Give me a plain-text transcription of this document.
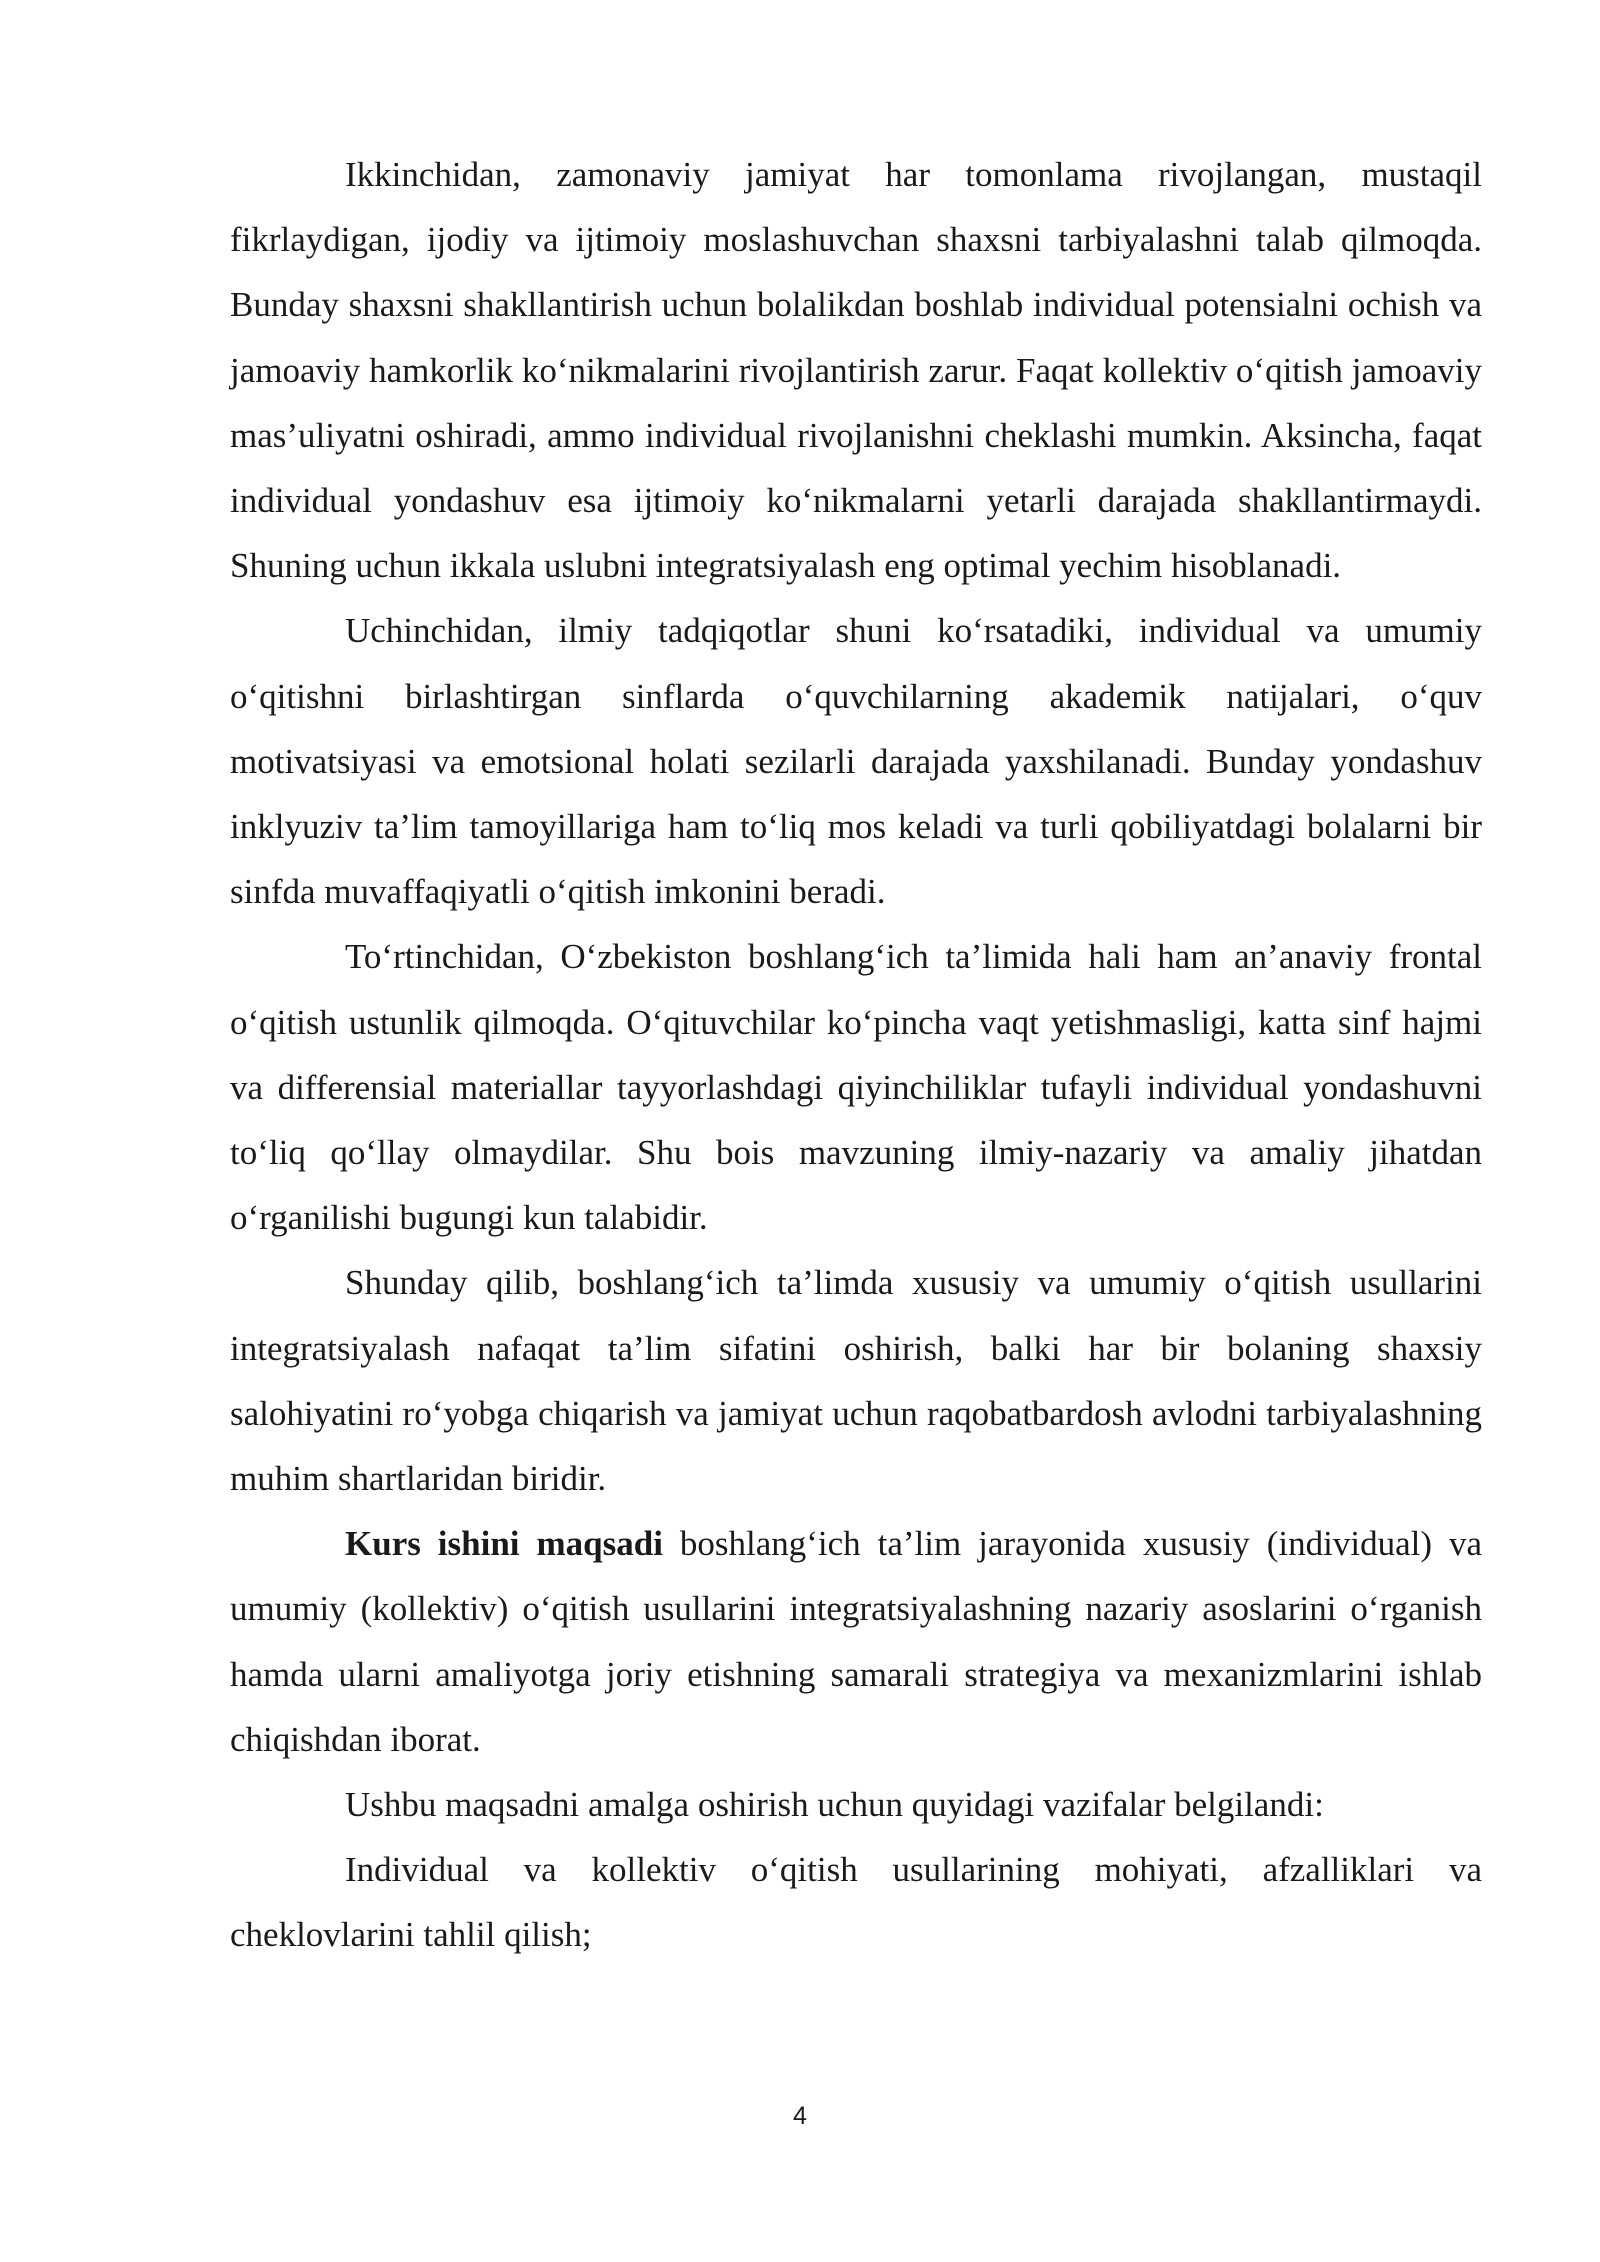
Ikkinchidan, zamonaviy jamiyat har tomonlama rivojlangan, mustaqil fikrlaydigan, ijodiy va ijtimoiy moslashuvchan shaxsni tarbiyalashni talab qilmoqda. Bunday shaxsni shakllantirish uchun bolalikdan boshlab individual potensialni ochish va jamoaviy hamkorlik ko‘nikmalarini rivojlantirish zarur. Faqat kollektiv o‘qitish jamoaviy mas’uliyatni oshiradi, ammo individual rivojlanishni cheklashi mumkin. Aksincha, faqat individual yondashuv esa ijtimoiy ko‘nikmalarni yetarli darajada shakllantirmaydi. Shuning uchun ikkala uslubni integratsiyalash eng optimal yechim hisoblanadi.

Uchinchidan, ilmiy tadqiqotlar shuni ko‘rsatadiki, individual va umumiy o‘qitishni birlashtirgan sinflarda o‘quvchilarning akademik natijalari, o‘quv motivatsiyasi va emotsional holati sezilarli darajada yaxshilanadi. Bunday yondashuv inklyuziv ta’lim tamoyillariga ham to‘liq mos keladi va turli qobiliyatdagi bolalarni bir sinfda muvaffaqiyatli o‘qitish imkonini beradi.

To‘rtinchidan, O‘zbekiston boshlang‘ich ta’limida hali ham an’anaviy frontal o‘qitish ustunlik qilmoqda. O‘qituvchilar ko‘pincha vaqt yetishmasligi, katta sinf hajmi va differensial materiallar tayyorlashdagi qiyinchiliklar tufayli individual yondashuvni to‘liq qo‘llay olmaydilar. Shu bois mavzuning ilmiy-nazariy va amaliy jihatdan o‘rganilishi bugungi kun talabidir.

Shunday qilib, boshlang‘ich ta’limda xususiy va umumiy o‘qitish usullarini integratsiyalash nafaqat ta’lim sifatini oshirish, balki har bir bolaning shaxsiy salohiyatini ro‘yobga chiqarish va jamiyat uchun raqobatbardosh avlodni tarbiyalashning muhim shartlaridan biridir.

Kurs ishini maqsadi boshlang‘ich ta’lim jarayonida xususiy (individual) va umumiy (kollektiv) o‘qitish usullarini integratsiyalashning nazariy asoslarini o‘rganish hamda ularni amaliyotga joriy etishning samarali strategiya va mexanizmlarini ishlab chiqishdan iborat.

Ushbu maqsadni amalga oshirish uchun quyidagi vazifalar belgilandi:

Individual va kollektiv o‘qitish usullarining mohiyati, afzalliklari va cheklovlarini tahlil qilish;

4
